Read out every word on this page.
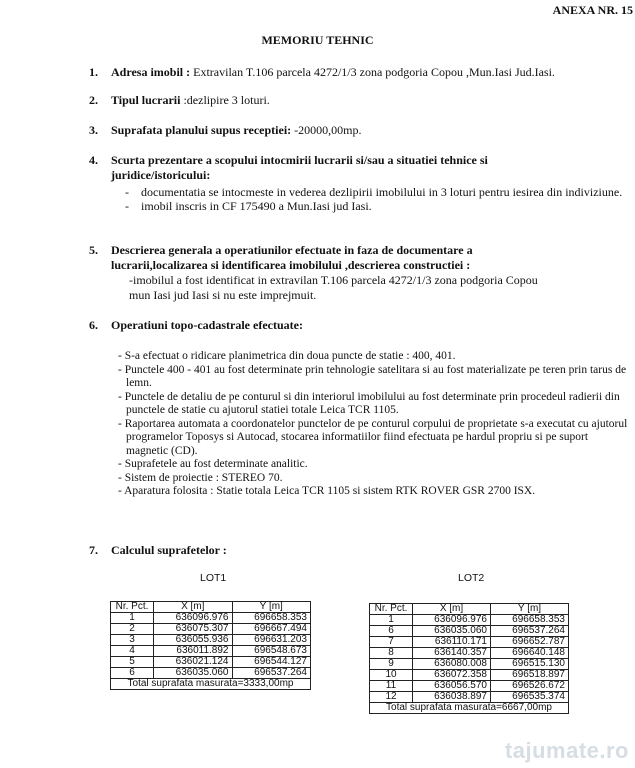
ANEXA NR. 15
MEMORIU TEHNIC
1. Adresa imobil : Extravilan T.106 parcela 4272/1/3 zona podgoria Copou ,Mun.Iasi Jud.Iasi.
2. Tipul lucrarii :dezlipire 3 loturi.
3. Suprafata planului supus receptiei: -20000,00mp.
4. Scurta prezentare a scopului intocmirii lucrarii si/sau a situatiei tehnice si
juridice/istoricului:
- documentatia se intocmeste in vederea dezlipirii imobilului in 3 loturi pentru iesirea din indiviziune.
- imobil inscris in CF 175490 a Mun.Iasi jud Iasi.
5. Descrierea generala a operatiunilor efectuate in faza de documentare a
lucrarii,localizarea si identificarea imobilului ,descrierea constructiei :
-imobilul a fost identificat in extravilan T.106 parcela 4272/1/3 zona podgoria Copou
mun Iasi jud Iasi si nu este imprejmuit.
6. Operatiuni topo-cadastrale efectuate:
- S-a efectuat o ridicare planimetrica din doua puncte de statie : 400, 401.
- Punctele 400 - 401 au fost determinate prin tehnologie satelitara si au fost materializate pe teren prin tarus de lemn.
- Punctele de detaliu de pe conturul si din interiorul imobilului au fost determinate prin procedeul radierii din punctele de statie cu ajutorul statiei totale Leica TCR 1105.
- Raportarea automata a coordonatelor punctelor de pe conturul corpului de proprietate s-a executat cu ajutorul programelor Toposys si Autocad, stocarea informatiilor fiind efectuata pe hardul propriu si pe suport magnetic (CD).
- Suprafetele au fost determinate analitic.
- Sistem de proiectie : STEREO 70.
- Aparatura folosita : Statie totala Leica TCR 1105 si sistem RTK ROVER GSR 2700 ISX.
7. Calculul suprafetelor :
LOT1	LOT2
Nr. Pct.	X [m]	Y [m]
1	636096.976	696658.353
2	636075.307	696667.494
3	636055.936	696631.203
4	636011.892	696548.673
5	636021.124	696544.127
6	636035.060	696537.264
Total suprafata masurata=3333,00mp		
Nr. Pct.	X [m]	Y [m]
1	636096.976	696658.353
6	636035.060	696537.264
7	636110.171	696652.787
8	636140.357	696640.148
9	636080.008	696515.130
10	636072.358	696518.897
11	636056.570	696526.672
12	636038.897	696535.374
Total suprafata masurata=6667,00mp		
tajumate.ro
